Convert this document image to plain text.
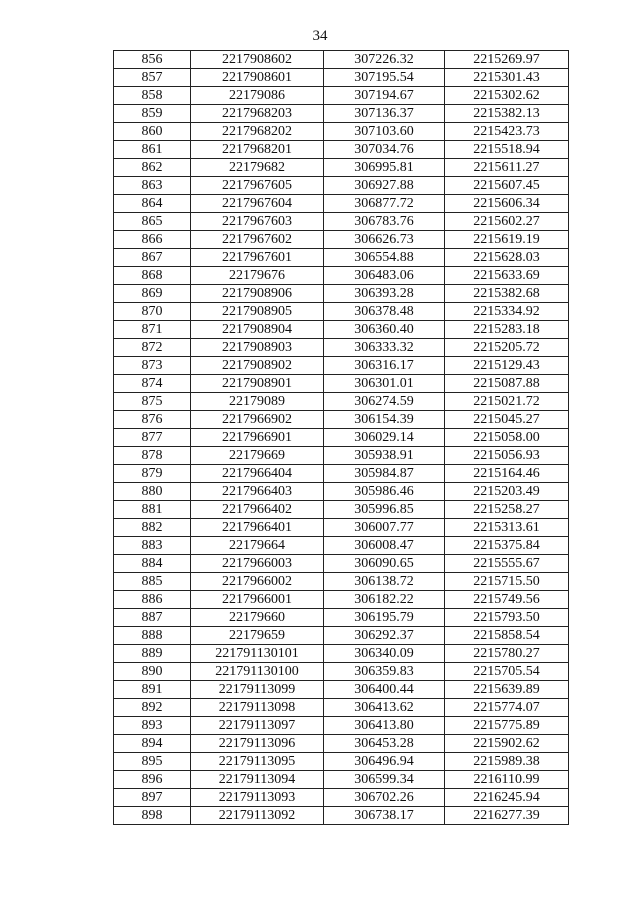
34
856	2217908602	307226.32	2215269.97
857	2217908601	307195.54	2215301.43
858	22179086	307194.67	2215302.62
859	2217968203	307136.37	2215382.13
860	2217968202	307103.60	2215423.73
861	2217968201	307034.76	2215518.94
862	22179682	306995.81	2215611.27
863	2217967605	306927.88	2215607.45
864	2217967604	306877.72	2215606.34
865	2217967603	306783.76	2215602.27
866	2217967602	306626.73	2215619.19
867	2217967601	306554.88	2215628.03
868	22179676	306483.06	2215633.69
869	2217908906	306393.28	2215382.68
870	2217908905	306378.48	2215334.92
871	2217908904	306360.40	2215283.18
872	2217908903	306333.32	2215205.72
873	2217908902	306316.17	2215129.43
874	2217908901	306301.01	2215087.88
875	22179089	306274.59	2215021.72
876	2217966902	306154.39	2215045.27
877	2217966901	306029.14	2215058.00
878	22179669	305938.91	2215056.93
879	2217966404	305984.87	2215164.46
880	2217966403	305986.46	2215203.49
881	2217966402	305996.85	2215258.27
882	2217966401	306007.77	2215313.61
883	22179664	306008.47	2215375.84
884	2217966003	306090.65	2215555.67
885	2217966002	306138.72	2215715.50
886	2217966001	306182.22	2215749.56
887	22179660	306195.79	2215793.50
888	22179659	306292.37	2215858.54
889	221791130101	306340.09	2215780.27
890	221791130100	306359.83	2215705.54
891	22179113099	306400.44	2215639.89
892	22179113098	306413.62	2215774.07
893	22179113097	306413.80	2215775.89
894	22179113096	306453.28	2215902.62
895	22179113095	306496.94	2215989.38
896	22179113094	306599.34	2216110.99
897	22179113093	306702.26	2216245.94
898	22179113092	306738.17	2216277.39
